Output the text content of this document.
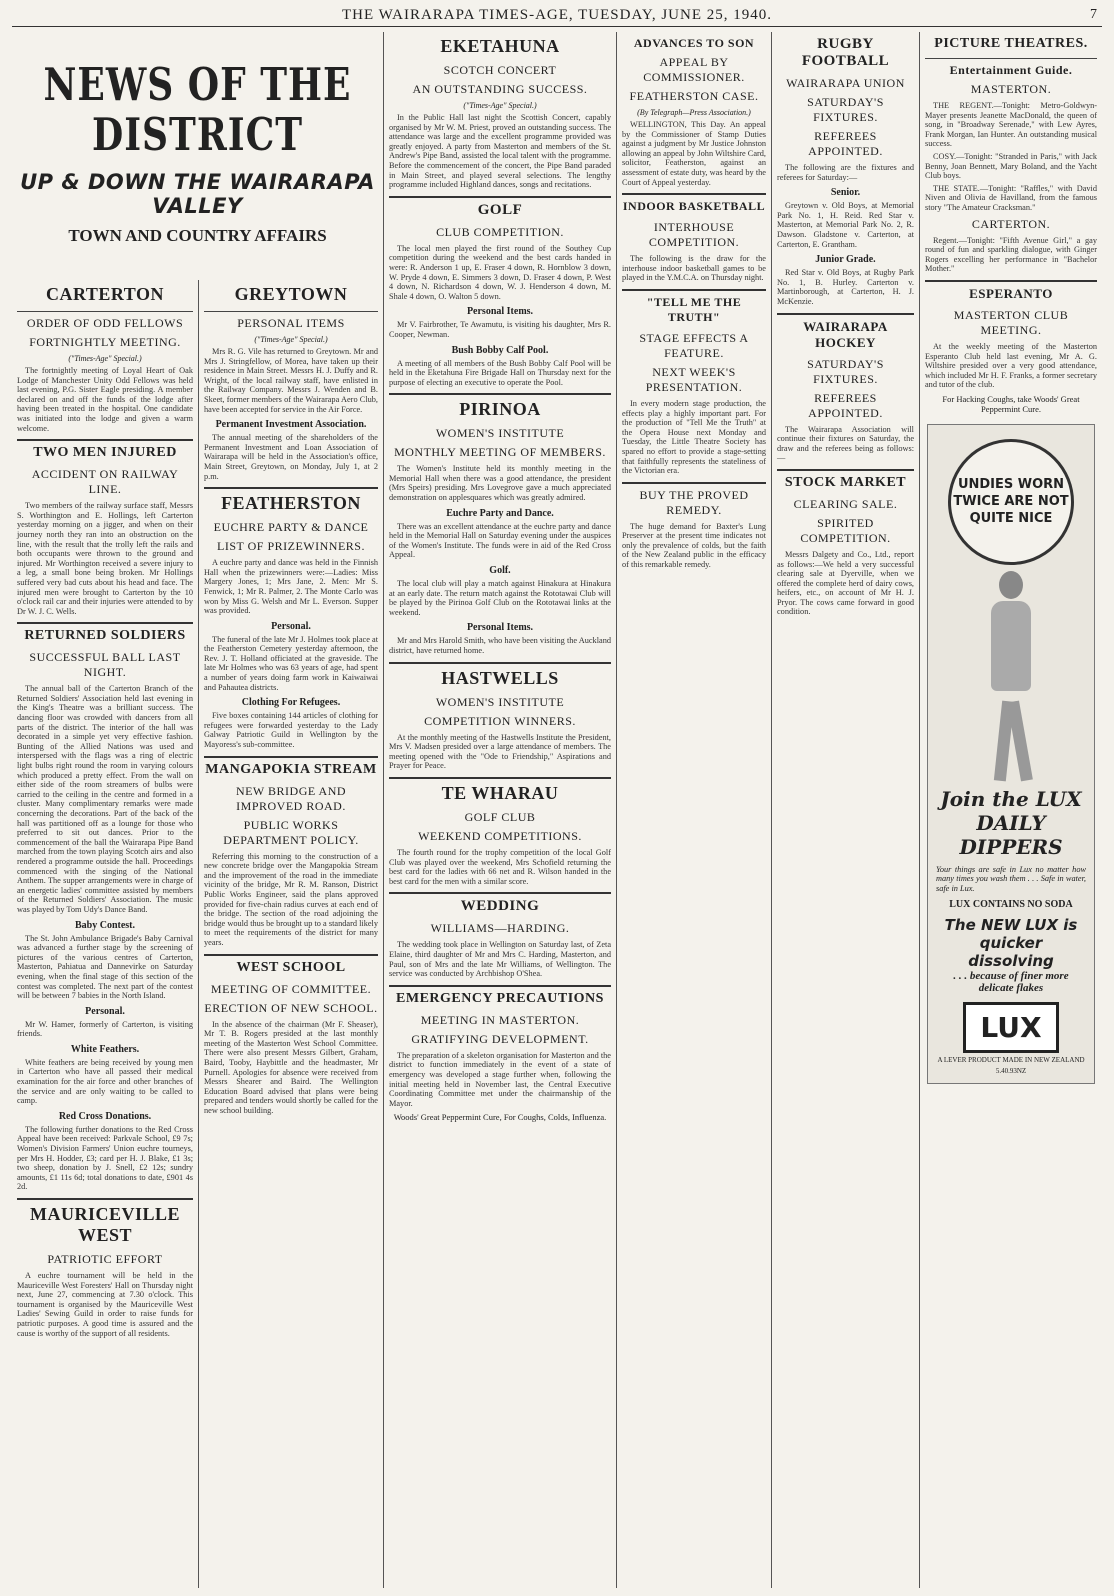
THE WAIRARAPA TIMES-AGE, TUESDAY, JUNE 25, 1940.	7
NEWS OF THE DISTRICT
UP & DOWN THE WAIRARAPA VALLEY
TOWN AND COUNTRY AFFAIRS
CARTERTON
ORDER OF ODD FELLOWS
FORTNIGHTLY MEETING.
("Times-Age" Special.)

The fortnightly meeting of Loyal Heart of Oak Lodge of Manchester Unity Odd Fellows was held last evening, P.G. Sister Eagle presiding. A member declared on and off the funds of the lodge after having been treated in the hospital. One candidate was initiated into the lodge and given a warm welcome.

TWO MEN INJURED
ACCIDENT ON RAILWAY LINE.

Two members of the railway surface staff, Messrs S. Worthington and E. Hollings, left Carterton yesterday morning on a jigger, and when on their journey north they ran into an obstruction on the line, with the result that the trolly left the rails and both occupants were thrown to the ground and injured. Mr Worthington received a severe injury to a leg, a small bone being broken. Mr Hollings suffered very bad cuts about his head and face. The injured men were brought to Carterton by the 10 o'clock rail car and their injuries were attended to by Dr W. J. C. Wells.

RETURNED SOLDIERS
SUCCESSFUL BALL LAST NIGHT.

The annual ball of the Carterton Branch of the Returned Soldiers' Association held last evening in the King's Theatre was a brilliant success. The dancing floor was crowded with dancers from all parts of the district. The interior of the hall was decorated in a simple yet very effective fashion. Bunting of the Allied Nations was used and interspersed with the flags was a ring of electric light bulbs right round the room in varying colours which produced a pretty effect. From the wall on either side of the room streamers of bulbs were carried to the ceiling in the centre and formed in a cluster. Many complimentary remarks were made concerning the decorations. Part of the back of the hall was partitioned off as a lounge for those who preferred to sit out dances. Prior to the commencement of the ball the Wairarapa Pipe Band marched from the town playing Scotch airs and also rendered a programme outside the hall. Proceedings commenced with the singing of the National Anthem. The supper arrangements were in charge of an energetic ladies' committee assisted by members of the Returned Soldiers' Association. The music was played by Tom Udy's Dance Band.

Baby Contest.

The St. John Ambulance Brigade's Baby Carnival was advanced a further stage by the screening of pictures of the various centres of Carterton, Masterton, Pahiatua and Dannevirke on Saturday evening, when the final stage of this section of the contest was completed. The next part of the contest will be between 7 babies in the North Island.

Personal.

Mr W. Hamer, formerly of Carterton, is visiting friends.

White Feathers.

White feathers are being received by young men in Carterton who have all passed their medical examination for the air force and other branches of the service and are only waiting to be called to camp.

Red Cross Donations.

The following further donations to the Red Cross Appeal have been received: Parkvale School, £9 7s; Women's Division Farmers' Union euchre tourneys, per Mrs H. Hodder, £3; card per H. J. Blake, £1 3s; two sheep, donation by J. Snell, £2 12s; sundry amounts, £1 11s 6d; total donations to date, £901 4s 2d.

MAURICEVILLE WEST
PATRIOTIC EFFORT

A euchre tournament will be held in the Mauriceville West Foresters' Hall on Thursday night next, June 27, commencing at 7.30 o'clock. This tournament is organised by the Mauriceville West Ladies' Sewing Guild in order to raise funds for patriotic purposes. A good time is assured and the cause is worthy of the support of all residents.

GREYTOWN
PERSONAL ITEMS
("Times-Age" Special.)

Mrs R. G. Vile has returned to Greytown. Mr and Mrs J. Stringfellow, of Morea, have taken up their residence in Main Street. Messrs H. J. Duffy and R. Wright, of the local railway staff, have enlisted in the Railway Company. Messrs J. Wenden and B. Skeet, former members of the Wairarapa Aero Club, have been accepted for service in the Air Force.

Permanent Investment Association.

The annual meeting of the shareholders of the Permanent Investment and Loan Association of Wairarapa will be held in the Association's office, Main Street, Greytown, on Monday, July 1, at 2 p.m.

FEATHERSTON
EUCHRE PARTY & DANCE
LIST OF PRIZEWINNERS.

A euchre party and dance was held in the Finnish Hall when the prizewinners were:—Ladies: Miss Margery Jones, 1; Mrs Jane, 2. Men: Mr S. Fenwick, 1; Mr R. Palmer, 2. The Monte Carlo was won by Miss G. Welsh and Mr L. Everson. Supper was provided.

Personal.

The funeral of the late Mr J. Holmes took place at the Featherston Cemetery yesterday afternoon, the Rev. J. T. Holland officiated at the graveside. The late Mr Holmes who was 63 years of age, had spent a number of years doing farm work in Kaiwaiwai and Pahautea districts.

Clothing For Refugees.

Five boxes containing 144 articles of clothing for refugees were forwarded yesterday to the Lady Galway Patriotic Guild in Wellington by the Mayoress's sub-committee.

MANGAPOKIA STREAM
NEW BRIDGE AND IMPROVED ROAD.
PUBLIC WORKS DEPARTMENT POLICY.

Referring this morning to the construction of a new concrete bridge over the Mangapokia Stream and the improvement of the road in the immediate vicinity of the bridge, Mr R. M. Ranson, District Public Works Engineer, said the plans approved provided for five-chain radius curves at each end of the bridge. The section of the road adjoining the bridge would thus be brought up to a standard likely to meet the requirements of the district for many years.

WEST SCHOOL
MEETING OF COMMITTEE.
ERECTION OF NEW SCHOOL.

In the absence of the chairman (Mr F. Sheaser), Mr T. B. Rogers presided at the last monthly meeting of the Masterton West School Committee. There were also present Messrs Gilbert, Graham, Baird, Tooby, Haybittle and the headmaster, Mr Purnell. Apologies for absence were received from Messrs Shearer and Baird. The Wellington Education Board advised that plans were being prepared and tenders would shortly be called for the new school building.

EKETAHUNA
SCOTCH CONCERT
AN OUTSTANDING SUCCESS.
("Times-Age" Special.)

In the Public Hall last night the Scottish Concert, capably organised by Mr W. M. Priest, proved an outstanding success. The attendance was large and the excellent programme provided was greatly enjoyed. A party from Masterton and members of the St. Andrew's Pipe Band, assisted the local talent with the programme. Before the commencement of the concert, the Pipe Band paraded in Main Street, and played several selections. The lengthy programme included Highland dances, songs and recitations.

GOLF
CLUB COMPETITION.

The local men played the first round of the Southey Cup competition during the weekend and the best cards handed in were: R. Anderson 1 up, E. Fraser 4 down, R. Hornblow 3 down, W. Pryde 4 down, E. Simmers 3 down, D. Fraser 4 down, P. West 4 down, N. Richardson 4 down, W. J. Henderson 4 down, M. Shale 4 down, O. Walton 5 down.

Personal Items.

Mr V. Fairbrother, Te Awamutu, is visiting his daughter, Mrs R. Cooper, Newman.

Bush Bobby Calf Pool.

A meeting of all members of the Bush Bobby Calf Pool will be held in the Eketahuna Fire Brigade Hall on Thursday next for the purpose of electing an executive to operate the Pool.

PIRINOA
WOMEN'S INSTITUTE
MONTHLY MEETING OF MEMBERS.

The Women's Institute held its monthly meeting in the Memorial Hall when there was a good attendance, the president (Mrs Speirs) presiding. Mrs Lovegrove gave a much appreciated demonstration on applesquares which was greatly admired.

Euchre Party and Dance.

There was an excellent attendance at the euchre party and dance held in the Memorial Hall on Saturday evening under the auspices of the Women's Institute. The funds were in aid of the Red Cross Appeal.

Golf.

The local club will play a match against Hinakura at Hinakura at an early date. The return match against the Rototawai Club will be played by the Pirinoa Golf Club on the Rototawai links at the weekend.

Personal Items.

Mr and Mrs Harold Smith, who have been visiting the Auckland district, have returned home.

HASTWELLS
WOMEN'S INSTITUTE
COMPETITION WINNERS.

At the monthly meeting of the Hastwells Institute the President, Mrs V. Madsen presided over a large attendance of members. The meeting opened with the "Ode to Friendship," Aspirations and Prayer for Peace.

TE WHARAU
GOLF CLUB
WEEKEND COMPETITIONS.

The fourth round for the trophy competition of the local Golf Club was played over the weekend, Mrs Schofield returning the best card for the ladies with 66 net and R. Wilson handed in the best card for the men with a similar score.

WEDDING
WILLIAMS—HARDING.

The wedding took place in Wellington on Saturday last, of Zeta Elaine, third daughter of Mr and Mrs C. Harding, Masterton, and Paul, son of Mrs and the late Mr Williams, of Wellington. The service was conducted by Archbishop O'Shea.

EMERGENCY PRECAUTIONS
MEETING IN MASTERTON.
GRATIFYING DEVELOPMENT.

The preparation of a skeleton organisation for Masterton and the district to function immediately in the event of a state of emergency was developed a stage further when, following the initial meeting held in November last, the Central Executive Coordinating Committee met under the chairmanship of the Mayor.

Woods' Great Peppermint Cure, For Coughs, Colds, Influenza.
ADVANCES TO SON
APPEAL BY COMMISSIONER.
FEATHERSTON CASE.
(By Telegraph—Press Association.)

WELLINGTON, This Day. An appeal by the Commissioner of Stamp Duties against a judgment by Mr Justice Johnston allowing an appeal by John Wiltshire Card, solicitor, Featherston, against an assessment of estate duty, was heard by the Court of Appeal yesterday.

INDOOR BASKETBALL
INTERHOUSE COMPETITION.

The following is the draw for the interhouse indoor basketball games to be played in the Y.M.C.A. on Thursday night.

"TELL ME THE TRUTH"
STAGE EFFECTS A FEATURE.
NEXT WEEK'S PRESENTATION.

In every modern stage production, the effects play a highly important part. For the production of "Tell Me the Truth" at the Opera House next Monday and Tuesday, the Little Theatre Society has spared no effort to provide a stage-setting that faithfully represents the stateliness of the Victorian era.

BUY THE PROVED REMEDY.

The huge demand for Baxter's Lung Preserver at the present time indicates not only the prevalence of colds, but the faith of the New Zealand public in the efficacy of this remarkable remedy.

RUGBY FOOTBALL
WAIRARAPA UNION
SATURDAY'S FIXTURES.
REFEREES APPOINTED.

The following are the fixtures and referees for Saturday:—

Senior.

Greytown v. Old Boys, at Memorial Park No. 1, H. Reid. Red Star v. Masterton, at Memorial Park No. 2, R. Dawson. Gladstone v. Carterton, at Carterton, E. Grantham.

Junior Grade.

Red Star v. Old Boys, at Rugby Park No. 1, B. Hurley. Carterton v. Martinborough, at Carterton, H. J. McKenzie.

WAIRARAPA HOCKEY
SATURDAY'S FIXTURES.
REFEREES APPOINTED.

The Wairarapa Association will continue their fixtures on Saturday, the draw and the referees being as follows:—

STOCK MARKET
CLEARING SALE.
SPIRITED COMPETITION.

Messrs Dalgety and Co., Ltd., report as follows:—We held a very successful clearing sale at Dyerville, when we offered the complete herd of dairy cows, heifers, etc., on account of Mr H. J. Pryor. The cows came forward in good condition.

PICTURE THEATRES.
Entertainment Guide.
MASTERTON.

THE REGENT.—Tonight: Metro-Goldwyn-Mayer presents Jeanette MacDonald, the queen of song, in "Broadway Serenade," with Lew Ayres, Frank Morgan, Ian Hunter. An outstanding musical success.

COSY.—Tonight: "Stranded in Paris," with Jack Benny, Joan Bennett, Mary Boland, and the Yacht Club boys.

THE STATE.—Tonight: "Raffles," with David Niven and Olivia de Havilland, from the famous story "The Amateur Cracksman."

CARTERTON.

Regent.—Tonight: "Fifth Avenue Girl," a gay round of fun and sparkling dialogue, with Ginger Rogers excelling her performance in "Bachelor Mother."

ESPERANTO
MASTERTON CLUB MEETING.

At the weekly meeting of the Masterton Esperanto Club held last evening, Mr A. G. Wiltshire presided over a very good attendance, which included Mr H. F. Franks, a former secretary and tutor of the club.

For Hacking Coughs, take Woods' Great Peppermint Cure.
UNDIES WORN TWICE ARE NOT QUITE NICE
Join the LUX DAILY DIPPERS
Your things are safe in Lux no matter how many times you wash them . . . Safe in water, safe in Lux.
LUX CONTAINS NO SODA
The NEW LUX is quicker dissolving
. . . because of finer more delicate flakes
LUX
A LEVER PRODUCT MADE IN NEW ZEALAND
5.40.93NZ
